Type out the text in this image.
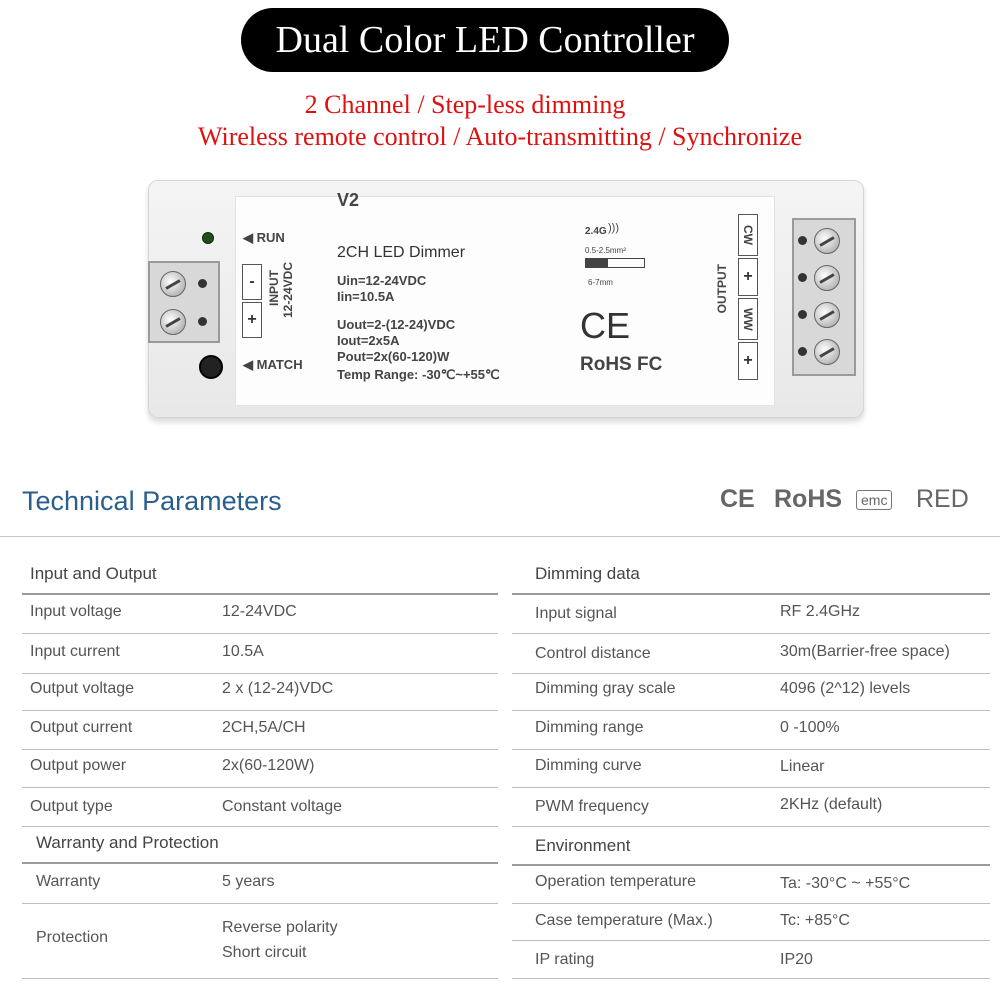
Dual Color LED Controller
2 Channel / Step-less dimming
Wireless remote control / Auto-transmitting / Synchronize
◀ RUN
◀ MATCH
-
+
INPUT 12-24VDC
V2
2CH LED Dimmer
Uin=12-24VDC
Iin=10.5A
Uout=2-(12-24)VDC
Iout=2x5A
Pout=2x(60-120)W
Temp Range: -30℃~+55℃
2.4G )))
0.5-2.5mm²
6-7mm
CE
RoHS FC
OUTPUT
CW
+
WW
+
Technical Parameters	CE RoHS	emc RED
Input and Output
Input voltage	12-24VDC
Input current	10.5A
Output voltage	2 x (12-24)VDC
Output current	2CH,5A/CH
Output power	2x(60-120W)
Output type	Constant voltage
Warranty and Protection
Warranty	5 years
Protection
Reverse polarity
Short circuit
Dimming data
Input signal	RF 2.4GHz
Control distance	30m(Barrier-free space)
Dimming gray scale	4096 (2^12) levels
Dimming range	0 -100%
Dimming curve	Linear
PWM frequency	2KHz (default)
Environment
Operation temperature	Ta: -30°C ~ +55°C
Case temperature (Max.)	Tc: +85°C
IP rating	IP20
